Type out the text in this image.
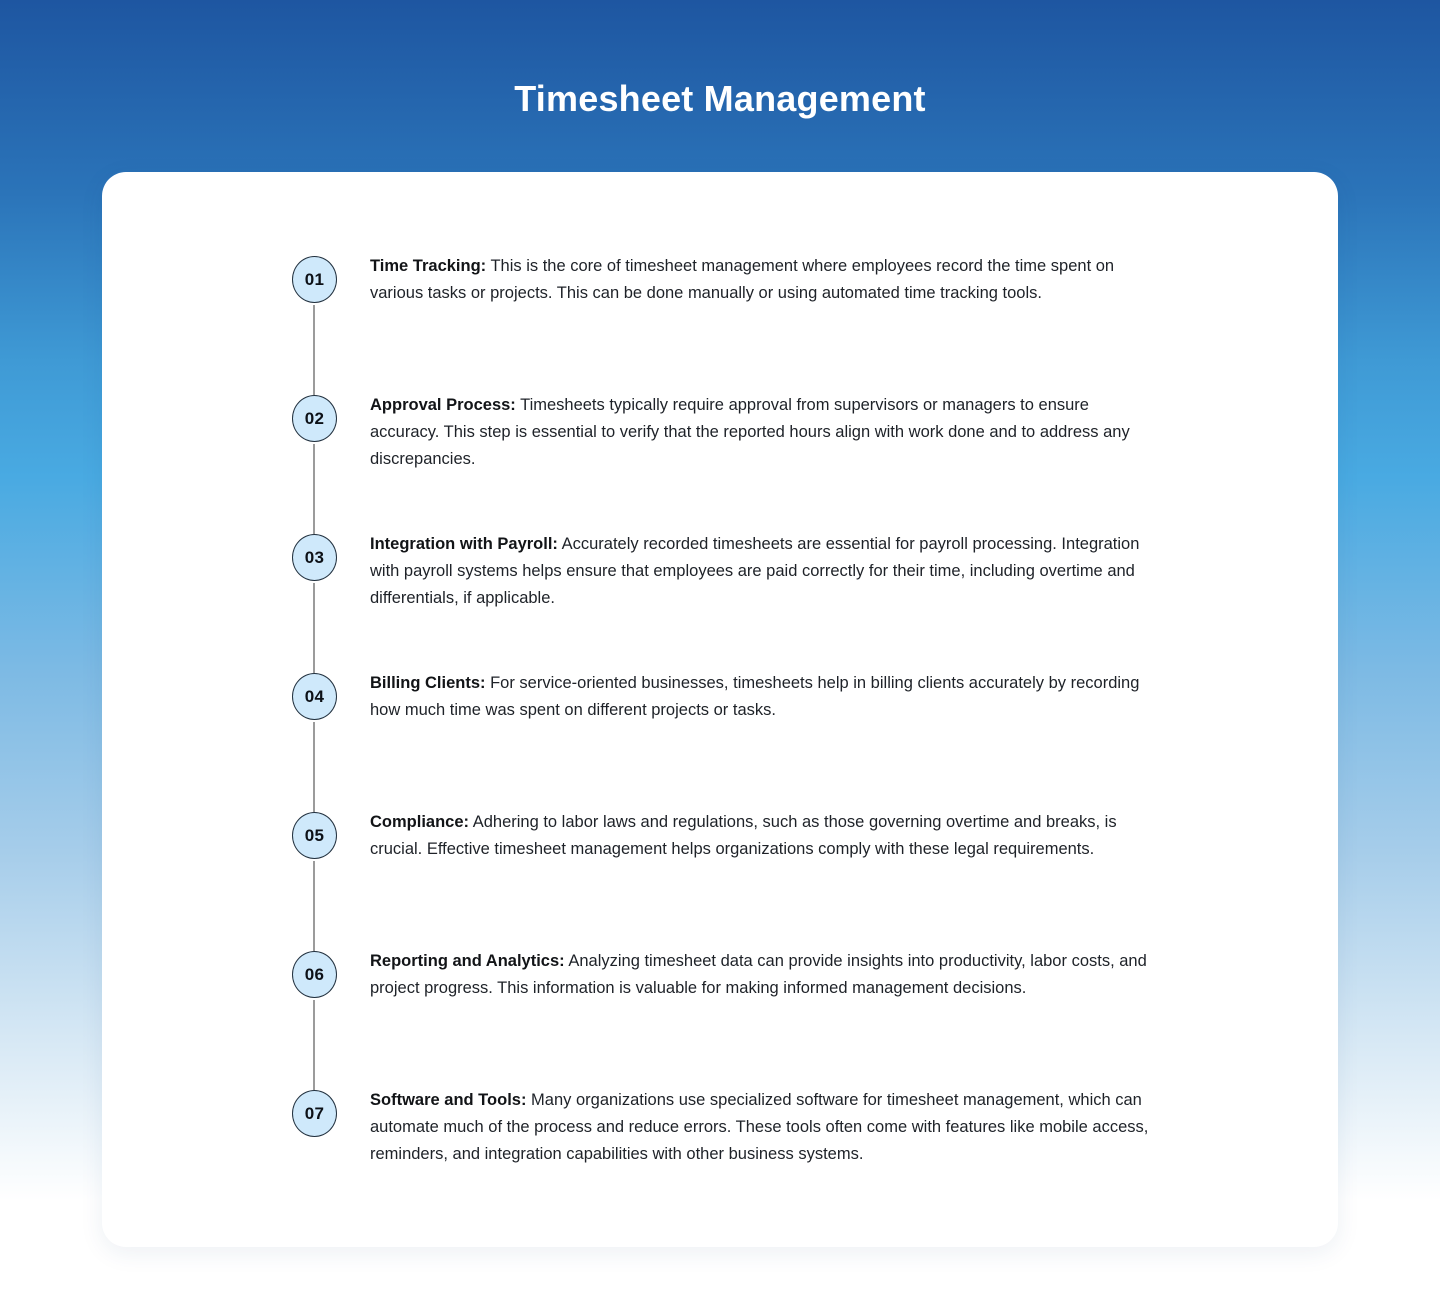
Timesheet Management
01

Time Tracking: This is the core of timesheet management where employees record the time spent on various tasks or projects. This can be done manually or using automated time tracking tools.

02

Approval Process: Timesheets typically require approval from supervisors or managers to ensure accuracy. This step is essential to verify that the reported hours align with work done and to address any discrepancies.

03

Integration with Payroll: Accurately recorded timesheets are essential for payroll processing. Integration with payroll systems helps ensure that employees are paid correctly for their time, including overtime and differentials, if applicable.

04

Billing Clients: For service-oriented businesses, timesheets help in billing clients accurately by recording how much time was spent on different projects or tasks.

05

Compliance: Adhering to labor laws and regulations, such as those governing overtime and breaks, is crucial. Effective timesheet management helps organizations comply with these legal requirements.

06

Reporting and Analytics: Analyzing timesheet data can provide insights into productivity, labor costs, and project progress. This information is valuable for making informed management decisions.

07

Software and Tools: Many organizations use specialized software for timesheet management, which can automate much of the process and reduce errors. These tools often come with features like mobile access, reminders, and integration capabilities with other business systems.
